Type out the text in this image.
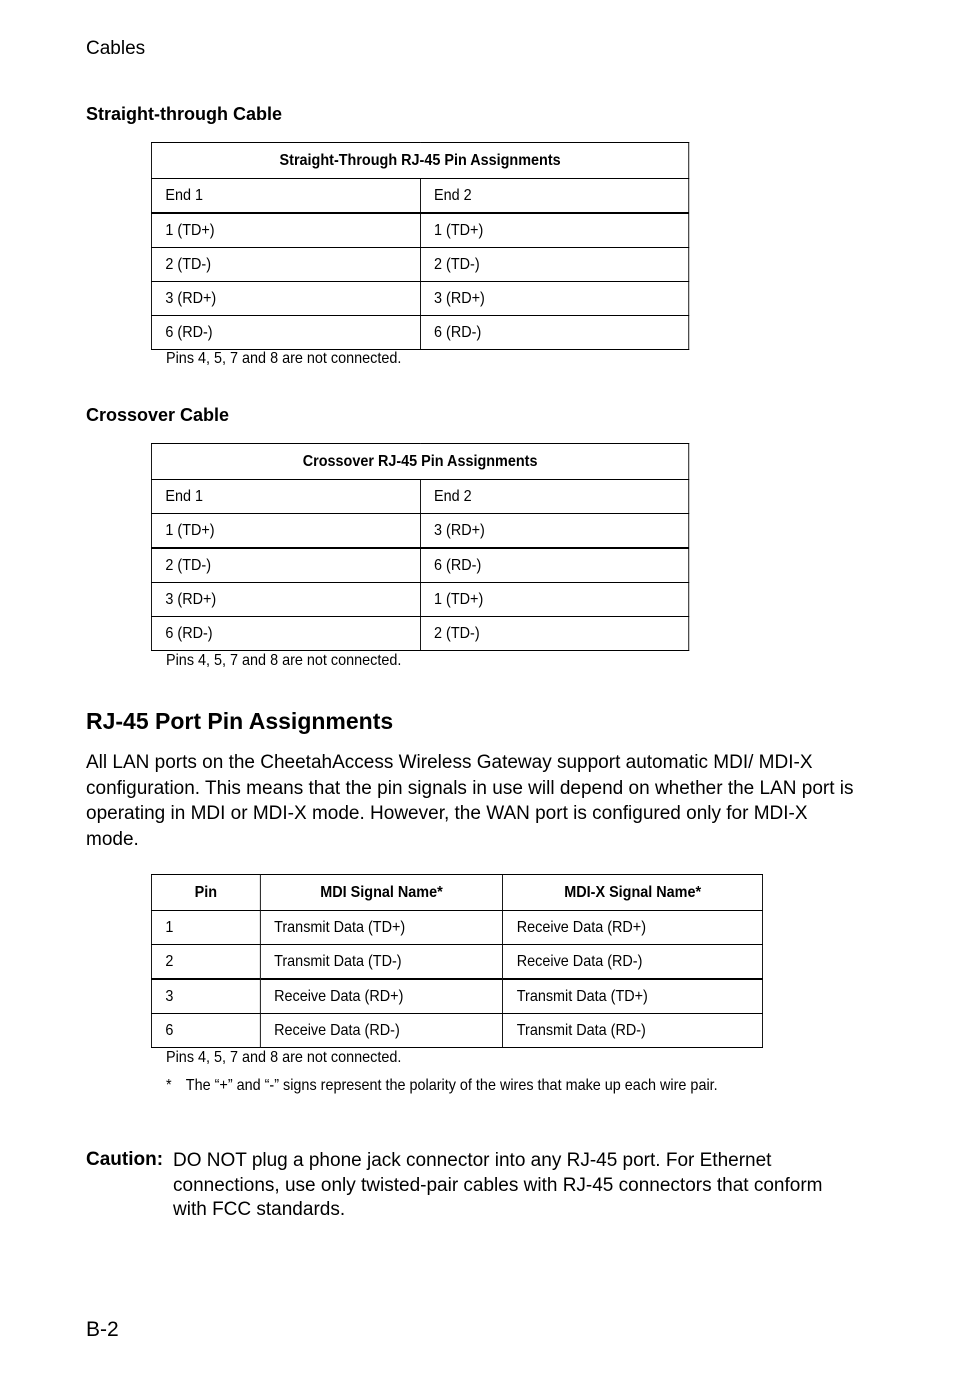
Cables
Straight-through Cable
Straight-Through RJ-45 Pin Assignments	
End 1	End 2
1 (TD+)	1 (TD+)
2 (TD-)	2 (TD-)
3 (RD+)	3 (RD+)
6 (RD-)	6 (RD-)
Pins 4, 5, 7 and 8 are not connected.
Crossover Cable
Crossover RJ-45 Pin Assignments	
End 1	End 2
1 (TD+)	3 (RD+)
2 (TD-)	6 (RD-)
3 (RD+)	1 (TD+)
6 (RD-)	2 (TD-)
Pins 4, 5, 7 and 8 are not connected.
RJ-45 Port Pin Assignments
All LAN ports on the CheetahAccess Wireless Gateway support automatic MDI/ MDI-X configuration. This means that the pin signals in use will depend on whether the LAN port is operating in MDI or MDI-X mode. However, the WAN port is configured only for MDI-X mode.
Pin	MDI Signal Name*	MDI-X Signal Name*
1	Transmit Data (TD+)	Receive Data (RD+)
2	Transmit Data (TD-)	Receive Data (RD-)
3	Receive Data (RD+)	Transmit Data (TD+)
6	Receive Data (RD-)	Transmit Data (RD-)
Pins 4, 5, 7 and 8 are not connected.
* The “+” and “-” signs represent the polarity of the wires that make up each wire pair.
Caution: DO NOT plug a phone jack connector into any RJ-45 port. For Ethernet connections, use only twisted-pair cables with RJ-45 connectors that conform with FCC standards.
B-2
